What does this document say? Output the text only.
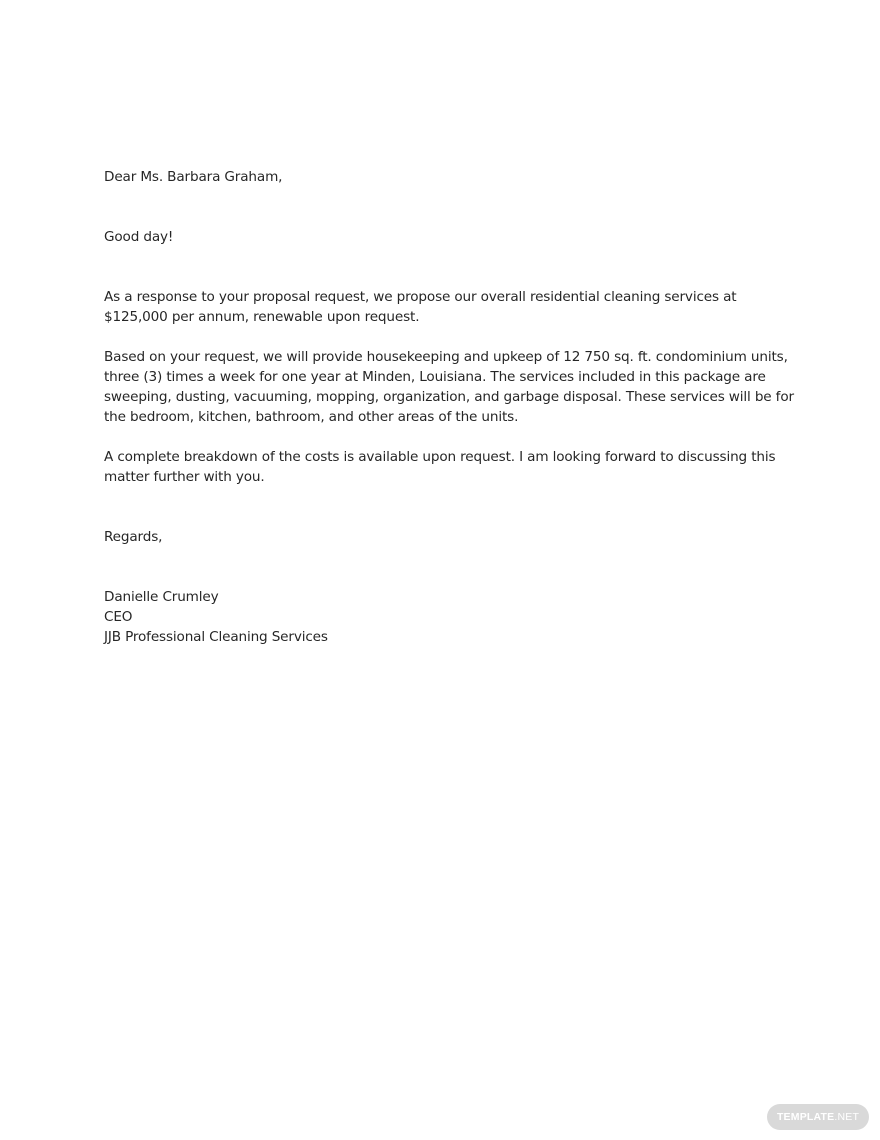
Dear Ms. Barbara Graham,
Good day!
As a response to your proposal request, we propose our overall residential cleaning services at
$125,000 per annum, renewable upon request.
Based on your request, we will provide housekeeping and upkeep of 12 750 sq. ft. condominium units,
three (3) times a week for one year at Minden, Louisiana. The services included in this package are
sweeping, dusting, vacuuming, mopping, organization, and garbage disposal. These services will be for
the bedroom, kitchen, bathroom, and other areas of the units.
A complete breakdown of the costs is available upon request. I am looking forward to discussing this
matter further with you.
Regards,
Danielle Crumley
CEO
JJB Professional Cleaning Services
TEMPLATE .NET
